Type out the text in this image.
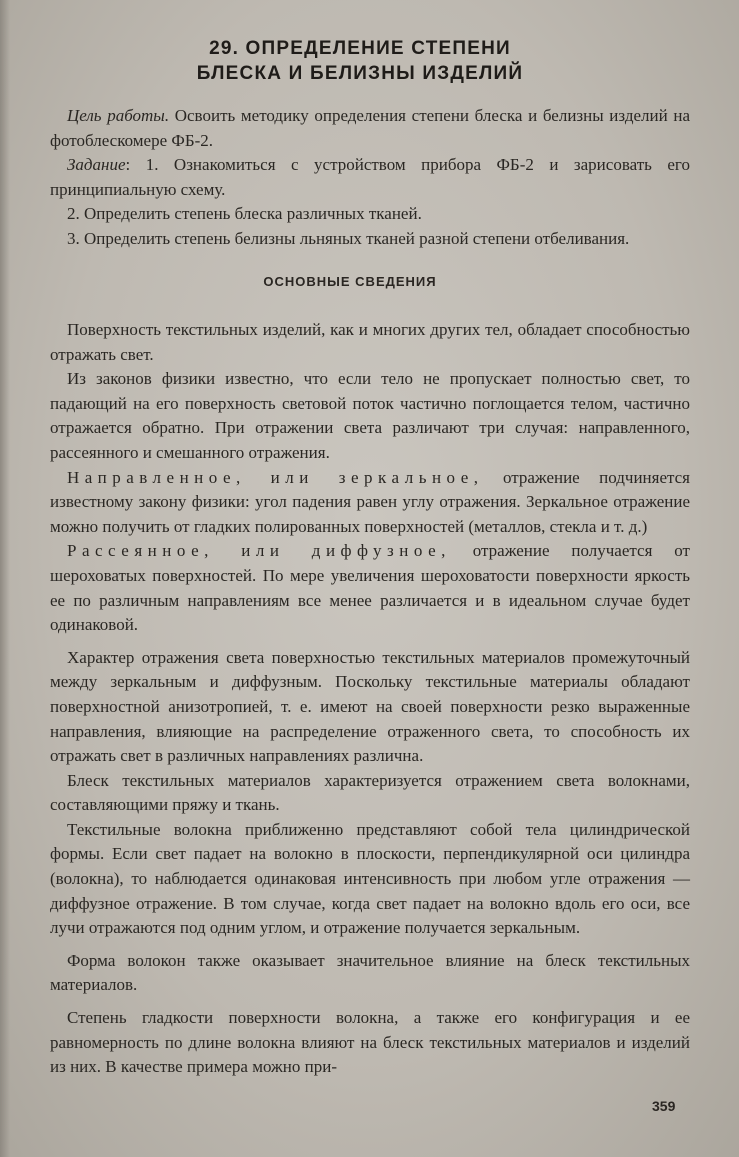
29. ОПРЕДЕЛЕНИЕ СТЕПЕНИ
БЛЕСКА И БЕЛИЗНЫ ИЗДЕЛИЙ

 Цель работы. Освоить методику определения степени блеска и белизны изделий на фотоблескомере ФБ-2.

 Задание: 1. Ознакомиться с устройством прибора ФБ-2 и зарисовать его принципиальную схему.

 2. Определить степень блеска различных тканей.

 3. Определить степень белизны льняных тканей разной степени отбеливания.

ОСНОВНЫЕ СВЕДЕНИЯ

 Поверхность текстильных изделий, как и многих других тел, обладает способностью отражать свет.

 Из законов физики известно, что если тело не пропускает полностью свет, то падающий на его поверхность световой поток частично поглощается телом, частично отражается обратно. При отражении света различают три случая: направленного, рассеянного и смешанного отражения.

 Направленное, или зеркальное, отражение подчиняется известному закону физики: угол падения равен углу отражения. Зеркальное отражение можно получить от гладких полированных поверхностей (металлов, стекла и т. д.)

 Рассеянное, или диффузное, отражение получается от шероховатых поверхностей. По мере увеличения шероховатости поверхности яркость ее по различным направлениям все менее различается и в идеальном случае будет одинаковой.

 Характер отражения света поверхностью текстильных материалов промежуточный между зеркальным и диффузным. Поскольку текстильные материалы обладают поверхностной анизотропией, т. е. имеют на своей поверхности резко выраженные направления, влияющие на распределение отраженного света, то способность их отражать свет в различных направлениях различна.

 Блеск текстильных материалов характеризуется отражением света волокнами, составляющими пряжу и ткань.

 Текстильные волокна приближенно представляют собой тела цилиндрической формы. Если свет падает на волокно в плоскости, перпендикулярной оси цилиндра (волокна), то наблюдается одинаковая интенсивность при любом угле отражения — диффузное отражение. В том случае, когда свет падает на волокно вдоль его оси, все лучи отражаются под одним углом, и отражение получается зеркальным.

 Форма волокон также оказывает значительное влияние на блеск текстильных материалов.

 Степень гладкости поверхности волокна, а также его конфигурация и ее равномерность по длине волокна влияют на блеск текстильных материалов и изделий из них. В качестве примера можно при-

359
